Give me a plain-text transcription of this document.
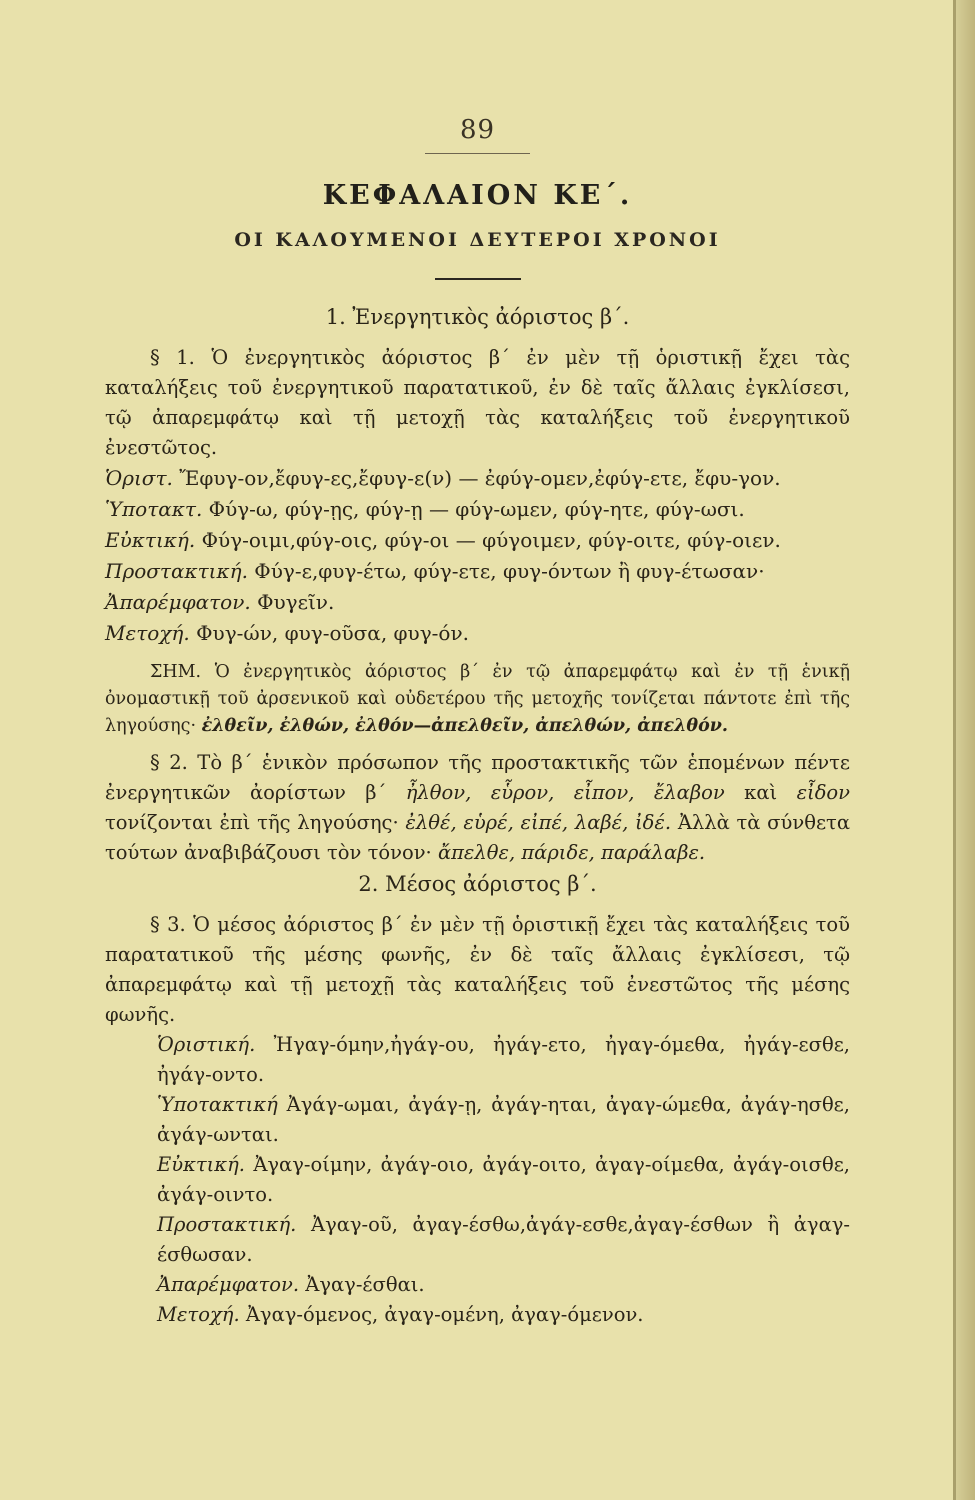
89
ΚΕΦΑΛΑΙΟΝ ΚΕ΄.
ΟΙ ΚΑΛΟΥΜΕΝΟΙ ΔΕΥΤΕΡΟΙ ΧΡΟΝΟΙ
1. Ἐνεργητικὸς ἀόριστος β΄.

§ 1. Ὁ ἐνεργητικὸς ἀόριστος β΄ ἐν μὲν τῇ ὁριστικῇ ἔχει τὰς καταλήξεις τοῦ ἐνεργητικοῦ παρατατικοῦ, ἐν δὲ ταῖς ἄλλαις ἐγκλίσεσι, τῷ ἀπαρεμφάτῳ καὶ τῇ μετοχῇ τὰς καταλήξεις τοῦ ἐνεργητικοῦ ἐνεστῶτος.

Ὁριστ. Ἔφυγ-ον,ἔφυγ-ες,ἔφυγ-ε(ν) — ἐφύγ-ομεν,ἐφύγ-ετε, ἔφυ-γον.
Ὑποτακτ. Φύγ-ω, φύγ-ῃς, φύγ-ῃ — φύγ-ωμεν, φύγ-ητε, φύγ-ωσι.
Εὐκτική. Φύγ-οιμι,φύγ-οις, φύγ-οι — φύγοιμεν, φύγ-οιτε, φύγ-οιεν.
Προστακτική. Φύγ-ε,φυγ-έτω, φύγ-ετε, φυγ-όντων ἢ φυγ-έτωσαν·
Ἀπαρέμφατον. Φυγεῖν.
Μετοχή. Φυγ-ών, φυγ-οῦσα, φυγ-όν.

ΣΗΜ. Ὁ ἐνεργητικὸς ἀόριστος β΄ ἐν τῷ ἀπαρεμφάτῳ καὶ ἐν τῇ ἑνικῇ ὀνομαστικῇ τοῦ ἀρσενικοῦ καὶ οὐδετέρου τῆς μετοχῆς τονίζεται πάντοτε ἐπὶ τῆς ληγούσης· ἐλθεῖν, ἐλθών, ἐλθόν—ἀπελθεῖν, ἀπελθών, ἀπελθόν.

§ 2. Τὸ β΄ ἑνικὸν πρόσωπον τῆς προστακτικῆς τῶν ἑπομένων πέντε ἐνεργητικῶν ἀορίστων β΄ ἦλθον, εὗρον, εἶπον, ἔλαβον καὶ εἶδον τονίζονται ἐπὶ τῆς ληγούσης· ἐλθέ, εὑρέ, εἰπέ, λαβέ, ἰδέ. Ἀλλὰ τὰ σύνθετα τούτων ἀναβιβάζουσι τὸν τόνον· ἄπελθε, πάριδε, παράλαβε.

2. Μέσος ἀόριστος β΄.

§ 3. Ὁ μέσος ἀόριστος β΄ ἐν μὲν τῇ ὁριστικῇ ἔχει τὰς καταλήξεις τοῦ παρατατικοῦ τῆς μέσης φωνῆς, ἐν δὲ ταῖς ἄλλαις ἐγκλίσεσι, τῷ ἀπαρεμφάτῳ καὶ τῇ μετοχῇ τὰς καταλήξεις τοῦ ἐνεστῶτος τῆς μέσης φωνῆς.

Ὁριστική. Ἠγαγ-όμην,ἠγάγ-ου, ἠγάγ-ετο, ἠγαγ-όμεθα, ἠγάγ-εσθε, ἠγάγ-οντο.

Ὑποτακτική Ἀγάγ-ωμαι, ἀγάγ-ῃ, ἀγάγ-ηται, ἀγαγ-ώμεθα, ἀγάγ-ησθε, ἀγάγ-ωνται.

Εὐκτική. Ἀγαγ-οίμην, ἀγάγ-οιο, ἀγάγ-οιτο, ἀγαγ-οίμεθα, ἀγάγ-οισθε, ἀγάγ-οιντο.

Προστακτική. Ἀγαγ-οῦ, ἀγαγ-έσθω,ἀγάγ-εσθε,ἀγαγ-έσθων ἢ ἀγαγ-έσθωσαν.

Ἀπαρέμφατον. Ἀγαγ-έσθαι.

Μετοχή. Ἀγαγ-όμενος, ἀγαγ-ομένη, ἀγαγ-όμενον.
